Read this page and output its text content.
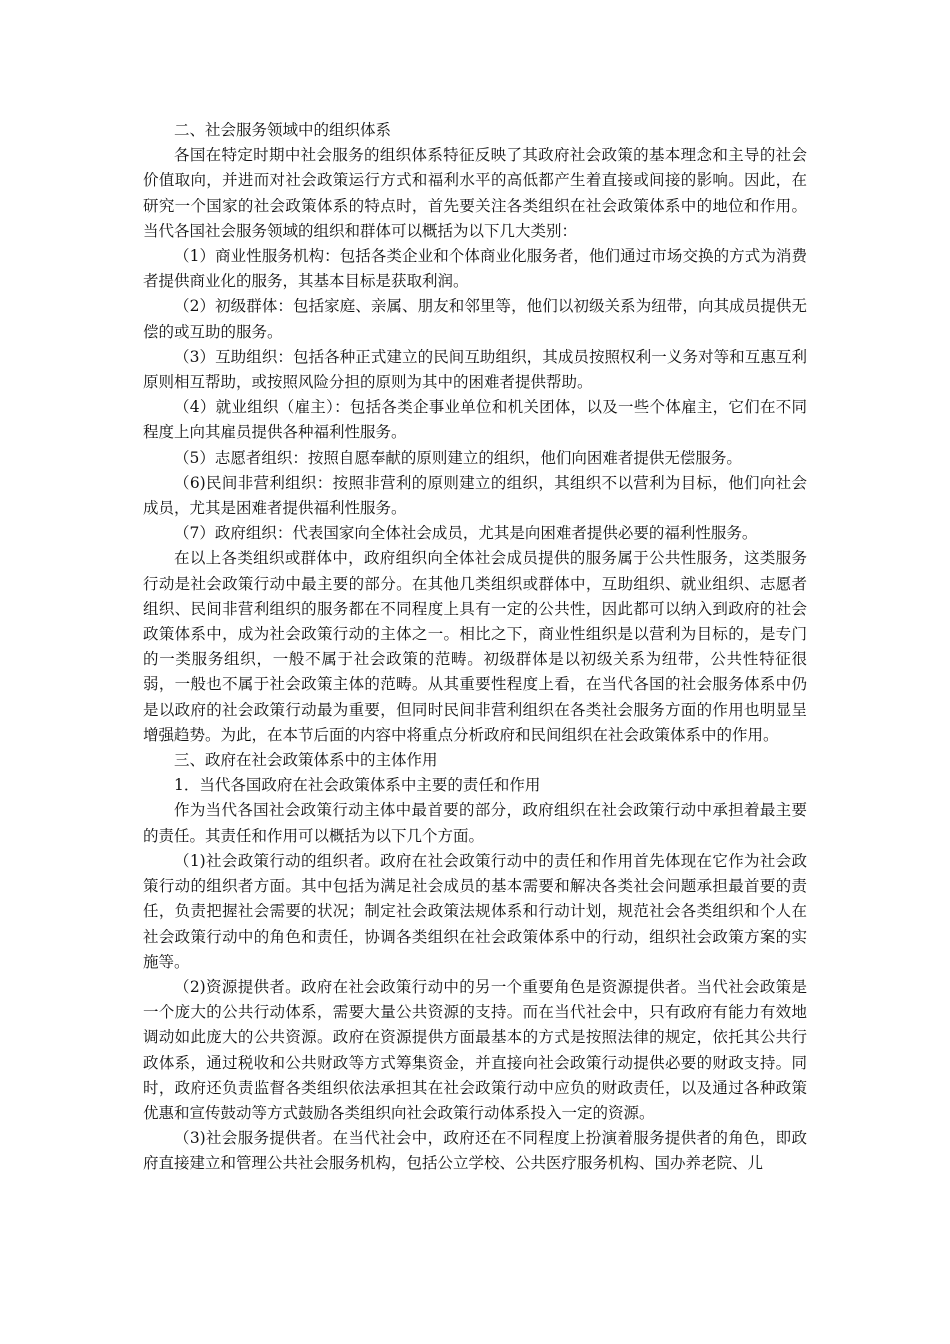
二、社会服务领域中的组织体系

各国在特定时期中社会服务的组织体系特征反映了其政府社会政策的基本理念和主导的社会价值取向，并进而对社会政策运行方式和福利水平的高低都产生着直接或间接的影响。因此，在研究一个国家的社会政策体系的特点时，首先要关注各类组织在社会政策体系中的地位和作用。当代各国社会服务领域的组织和群体可以概括为以下几大类别：

（1）商业性服务机构：包括各类企业和个体商业化服务者，他们通过市场交换的方式为消费者提供商业化的服务，其基本目标是获取利润。

（2）初级群体：包括家庭、亲属、朋友和邻里等，他们以初级关系为纽带，向其成员提供无偿的或互助的服务。

（3）互助组织：包括各种正式建立的民间互助组织，其成员按照权利一义务对等和互惠互利原则相互帮助，或按照风险分担的原则为其中的困难者提供帮助。

（4）就业组织（雇主）：包括各类企事业单位和机关团体，以及一些个体雇主，它们在不同程度上向其雇员提供各种福利性服务。

（5）志愿者组织：按照自愿奉献的原则建立的组织，他们向困难者提供无偿服务。

（6)民间非营利组织：按照非营利的原则建立的组织，其组织不以营利为目标，他们向社会成员，尤其是困难者提供福利性服务。

（7）政府组织：代表国家向全体社会成员，尤其是向困难者提供必要的福利性服务。

在以上各类组织或群体中，政府组织向全体社会成员提供的服务属于公共性服务，这类服务行动是社会政策行动中最主要的部分。在其他几类组织或群体中，互助组织、就业组织、志愿者组织、民间非营利组织的服务都在不同程度上具有一定的公共性，因此都可以纳入到政府的社会政策体系中，成为社会政策行动的主体之一。相比之下，商业性组织是以营利为目标的，是专门的一类服务组织，一般不属于社会政策的范畴。初级群体是以初级关系为纽带，公共性特征很弱，一般也不属于社会政策主体的范畴。从其重要性程度上看，在当代各国的社会服务体系中仍是以政府的社会政策行动最为重要，但同时民间非营利组织在各类社会服务方面的作用也明显呈增强趋势。为此，在本节后面的内容中将重点分析政府和民间组织在社会政策体系中的作用。

三、政府在社会政策体系中的主体作用

1．当代各国政府在社会政策体系中主要的责任和作用

作为当代各国社会政策行动主体中最首要的部分，政府组织在社会政策行动中承担着最主要的责任。其责任和作用可以概括为以下几个方面。

（1)社会政策行动的组织者。政府在社会政策行动中的责任和作用首先体现在它作为社会政策行动的组织者方面。其中包括为满足社会成员的基本需要和解决各类社会问题承担最首要的责任，负责把握社会需要的状况；制定社会政策法规体系和行动计划，规范社会各类组织和个人在社会政策行动中的角色和责任，协调各类组织在社会政策体系中的行动，组织社会政策方案的实施等。

（2)资源提供者。政府在社会政策行动中的另一个重要角色是资源提供者。当代社会政策是一个庞大的公共行动体系，需要大量公共资源的支持。而在当代社会中，只有政府有能力有效地调动如此庞大的公共资源。政府在资源提供方面最基本的方式是按照法律的规定，依托其公共行政体系，通过税收和公共财政等方式筹集资金，并直接向社会政策行动提供必要的财政支持。同时，政府还负责监督各类组织依法承担其在社会政策行动中应负的财政责任，以及通过各种政策优惠和宣传鼓动等方式鼓励各类组织向社会政策行动体系投入一定的资源。

（3)社会服务提供者。在当代社会中，政府还在不同程度上扮演着服务提供者的角色，即政府直接建立和管理公共社会服务机构，包括公立学校、公共医疗服务机构、国办养老院、儿
